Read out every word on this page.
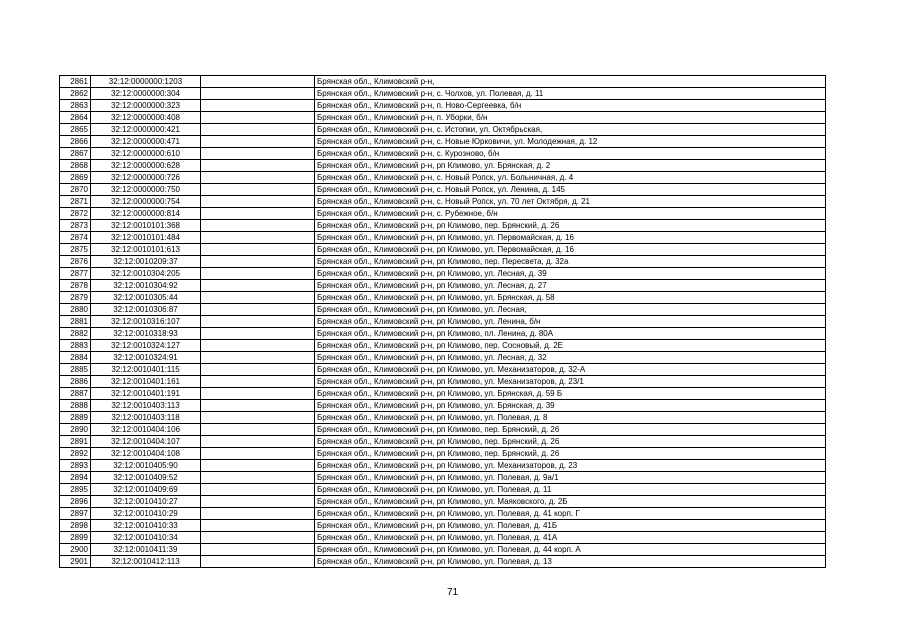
2861	32:12:0000000:1203		Брянская обл., Климовский р-н,
2862	32:12:0000000:304		Брянская обл., Климовский р-н, с. Чолхов, ул. Полевая, д. 11
2863	32:12:0000000:323		Брянская обл., Климовский р-н, п. Ново-Сергеевка, б/н
2864	32:12:0000000:408		Брянская обл., Климовский р-н, п. Уборки, б/н
2865	32:12:0000000:421		Брянская обл., Климовский р-н, с. Истопки, ул. Октябрьская,
2866	32:12:0000000:471		Брянская обл., Климовский р-н, с. Новые Юрковичи, ул. Молодежная, д. 12
2867	32:12:0000000:610		Брянская обл., Климовский р-н, с. Курозново, б/н
2868	32:12:0000000:628		Брянская обл., Климовский р-н, рп Климово, ул. Брянская, д. 2
2869	32:12:0000000:726		Брянская обл., Климовский р-н, с. Новый Ропск, ул. Больничная, д. 4
2870	32:12:0000000:750		Брянская обл., Климовский р-н, с. Новый Ропск, ул. Ленина, д. 145
2871	32:12:0000000:754		Брянская обл., Климовский р-н, с. Новый Ропск, ул. 70 лет Октября, д. 21
2872	32:12:0000000:814		Брянская обл., Климовский р-н, с. Рубежное, б/н
2873	32:12:0010101:368		Брянская обл., Климовский р-н, рп Климово, пер. Брянский, д. 26
2874	32:12:0010101:484		Брянская обл., Климовский р-н, рп Климово, ул. Первомайская, д. 16
2875	32:12:0010101:613		Брянская обл., Климовский р-н, рп Климово, ул. Первомайская, д. 16
2876	32:12:0010209:37		Брянская обл., Климовский р-н, рп Климово, пер. Пересвета, д. 32а
2877	32:12:0010304:205		Брянская обл., Климовский р-н, рп Климово, ул. Лесная, д. 39
2878	32:12:0010304:92		Брянская обл., Климовский р-н, рп Климово, ул. Лесная, д. 27
2879	32:12:0010305:44		Брянская обл., Климовский р-н, рп Климово, ул. Брянская, д. 58
2880	32:12:0010306:87		Брянская обл., Климовский р-н, рп Климово, ул. Лесная,
2881	32:12:0010316:107		Брянская обл., Климовский р-н, рп Климово, ул. Ленина, б/н
2882	32:12:0010318:93		Брянская обл., Климовский р-н, рп Климово, пл. Ленина, д. 80А
2883	32:12:0010324:127		Брянская обл., Климовский р-н, рп Климово, пер. Сосновый, д. 2Е
2884	32:12:0010324:91		Брянская обл., Климовский р-н, рп Климово, ул. Лесная, д. 32
2885	32:12:0010401:115		Брянская обл., Климовский р-н, рп Климово, ул. Механизаторов, д. 32-А
2886	32:12:0010401:161		Брянская обл., Климовский р-н, рп Климово, ул. Механизаторов, д. 23/1
2887	32:12:0010401:191		Брянская обл., Климовский р-н, рп Климово, ул. Брянская, д. 59 Б
2888	32:12:0010403:113		Брянская обл., Климовский р-н, рп Климово, ул. Брянская, д. 39
2889	32:12:0010403:118		Брянская обл., Климовский р-н, рп Климово, ул. Полевая, д. 8
2890	32:12:0010404:106		Брянская обл., Климовский р-н, рп Климово, пер. Брянский, д. 26
2891	32:12:0010404:107		Брянская обл., Климовский р-н, рп Климово, пер. Брянский, д. 26
2892	32:12:0010404:108		Брянская обл., Климовский р-н, рп Климово, пер. Брянский, д. 26
2893	32:12:0010405:90		Брянская обл., Климовский р-н, рп Климово, ул. Механизаторов, д. 23
2894	32:12:0010409:52		Брянская обл., Климовский р-н, рп Климово, ул. Полевая, д. 9а/1
2895	32:12:0010409:69		Брянская обл., Климовский р-н, рп Климово, ул. Полевая, д. 11
2896	32:12:0010410:27		Брянская обл., Климовский р-н, рп Климово, ул. Маяковского, д. 2Б
2897	32:12:0010410:29		Брянская обл., Климовский р-н, рп Климово, ул. Полевая, д. 41 корп. Г
2898	32:12:0010410:33		Брянская обл., Климовский р-н, рп Климово, ул. Полевая, д. 41Б
2899	32:12:0010410:34		Брянская обл., Климовский р-н, рп Климово, ул. Полевая, д. 41А
2900	32:12:0010411:39		Брянская обл., Климовский р-н, рп Климово, ул. Полевая, д. 44 корп. А
2901	32:12:0010412:113		Брянская обл., Климовский р-н, рп Климово, ул. Полевая, д. 13
71
